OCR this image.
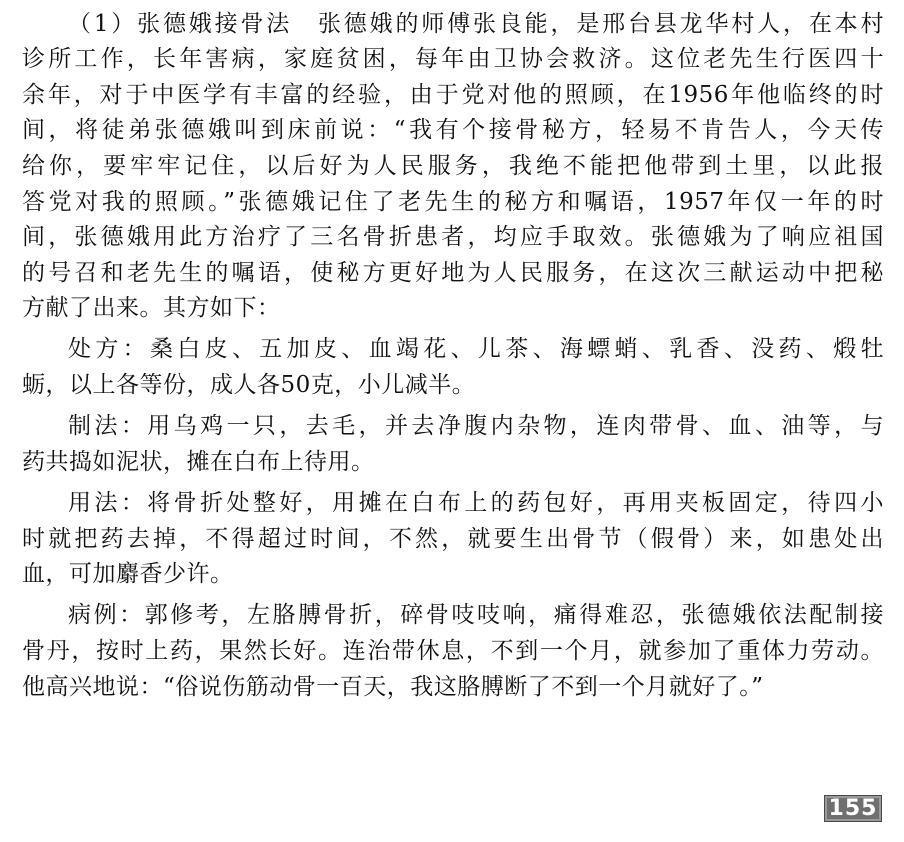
（1）张德娥接骨法　张德娥的师傅张良能，是邢台县龙华村人，在本村
诊所工作，长年害病，家庭贫困，每年由卫协会救济。这位老先生行医四十
余年，对于中医学有丰富的经验，由于党对他的照顾，在1956年他临终的时
间，将徒弟张德娥叫到床前说：“我有个接骨秘方，轻易不肯告人，今天传
给你，要牢牢记住，以后好为人民服务，我绝不能把他带到土里，以此报
答党对我的照顾。”张德娥记住了老先生的秘方和嘱语，1957年仅一年的时
间，张德娥用此方治疗了三名骨折患者，均应手取效。张德娥为了响应祖国
的号召和老先生的嘱语，使秘方更好地为人民服务，在这次三献运动中把秘
方献了出来。其方如下：
处方：桑白皮、五加皮、血竭花、儿茶、海螵蛸、乳香、没药、煅牡
蛎，以上各等份，成人各50克，小儿减半。
制法：用乌鸡一只，去毛，并去净腹内杂物，连肉带骨、血、油等，与
药共捣如泥状，摊在白布上待用。
用法：将骨折处整好，用摊在白布上的药包好，再用夹板固定，待四小
时就把药去掉，不得超过时间，不然，就要生出骨节（假骨）来，如患处出
血，可加麝香少许。
病例：郭修考，左胳膊骨折，碎骨吱吱响，痛得难忍，张德娥依法配制接
骨丹，按时上药，果然长好。连治带休息，不到一个月，就参加了重体力劳动。
他高兴地说：“俗说伤筋动骨一百天，我这胳膊断了不到一个月就好了。”
155
